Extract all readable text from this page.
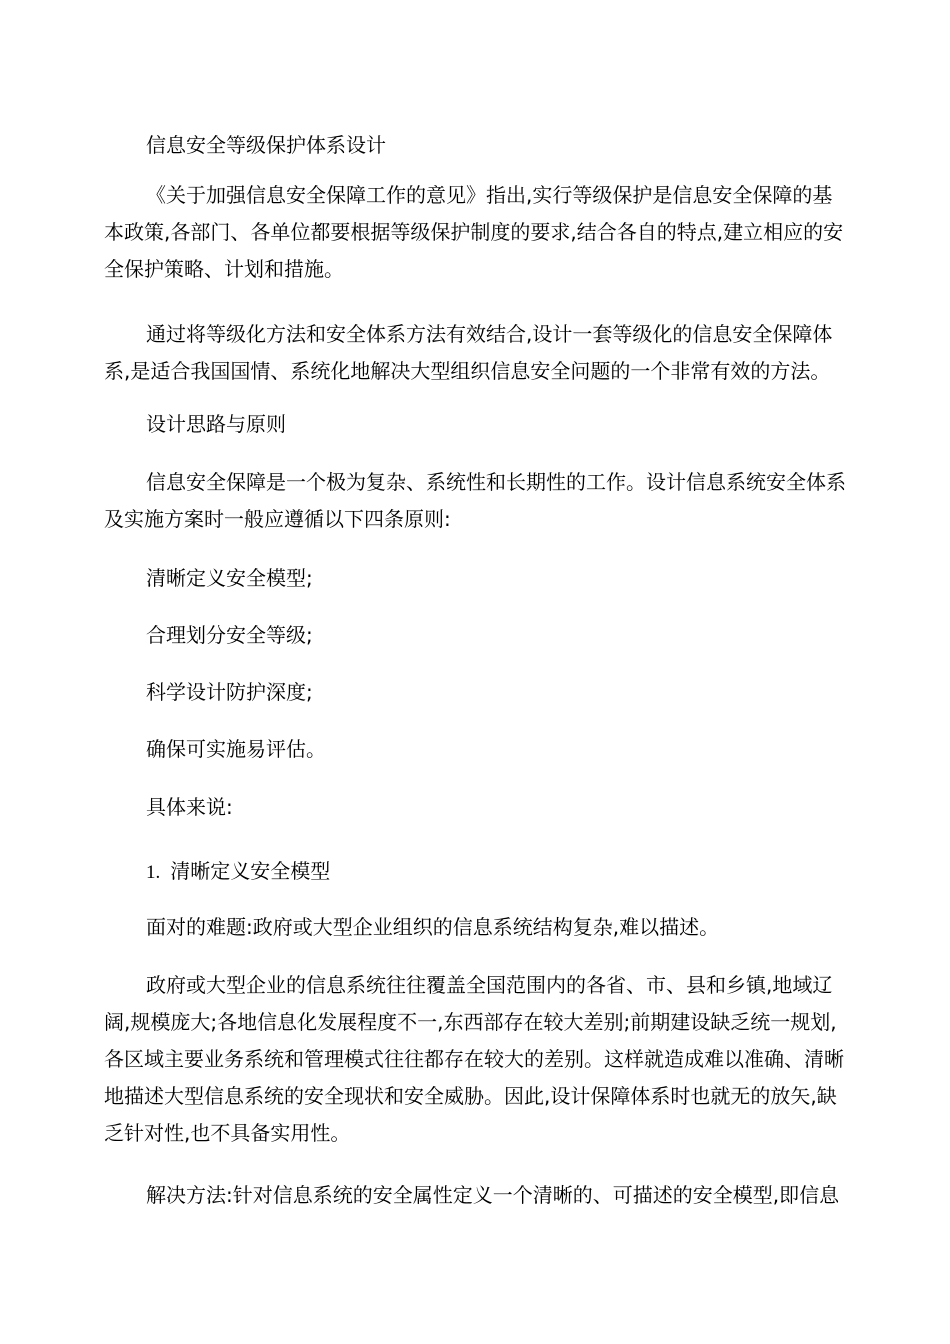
信息安全等级保护体系设计

《关于加强信息安全保障工作的意见》指出,实行等级保护是信息安全保障的基本政策,各部门、各单位都要根据等级保护制度的要求,结合各自的特点,建立相应的安全保护策略、计划和措施。

通过将等级化方法和安全体系方法有效结合,设计一套等级化的信息安全保障体系,是适合我国国情、系统化地解决大型组织信息安全问题的一个非常有效的方法。

设计思路与原则

信息安全保障是一个极为复杂、系统性和长期性的工作。设计信息系统安全体系及实施方案时一般应遵循以下四条原则:

清晰定义安全模型;

合理划分安全等级;

科学设计防护深度;

确保可实施易评估。

具体来说:

1. 清晰定义安全模型

面对的难题:政府或大型企业组织的信息系统结构复杂,难以描述。

政府或大型企业的信息系统往往覆盖全国范围内的各省、市、县和乡镇,地域辽阔,规模庞大;各地信息化发展程度不一,东西部存在较大差别;前期建设缺乏统一规划,各区域主要业务系统和管理模式往往都存在较大的差别。这样就造成难以准确、清晰地描述大型信息系统的安全现状和安全威胁。因此,设计保障体系时也就无的放矢,缺乏针对性,也不具备实用性。

解决方法:针对信息系统的安全属性定义一个清晰的、可描述的安全模型,即信息
